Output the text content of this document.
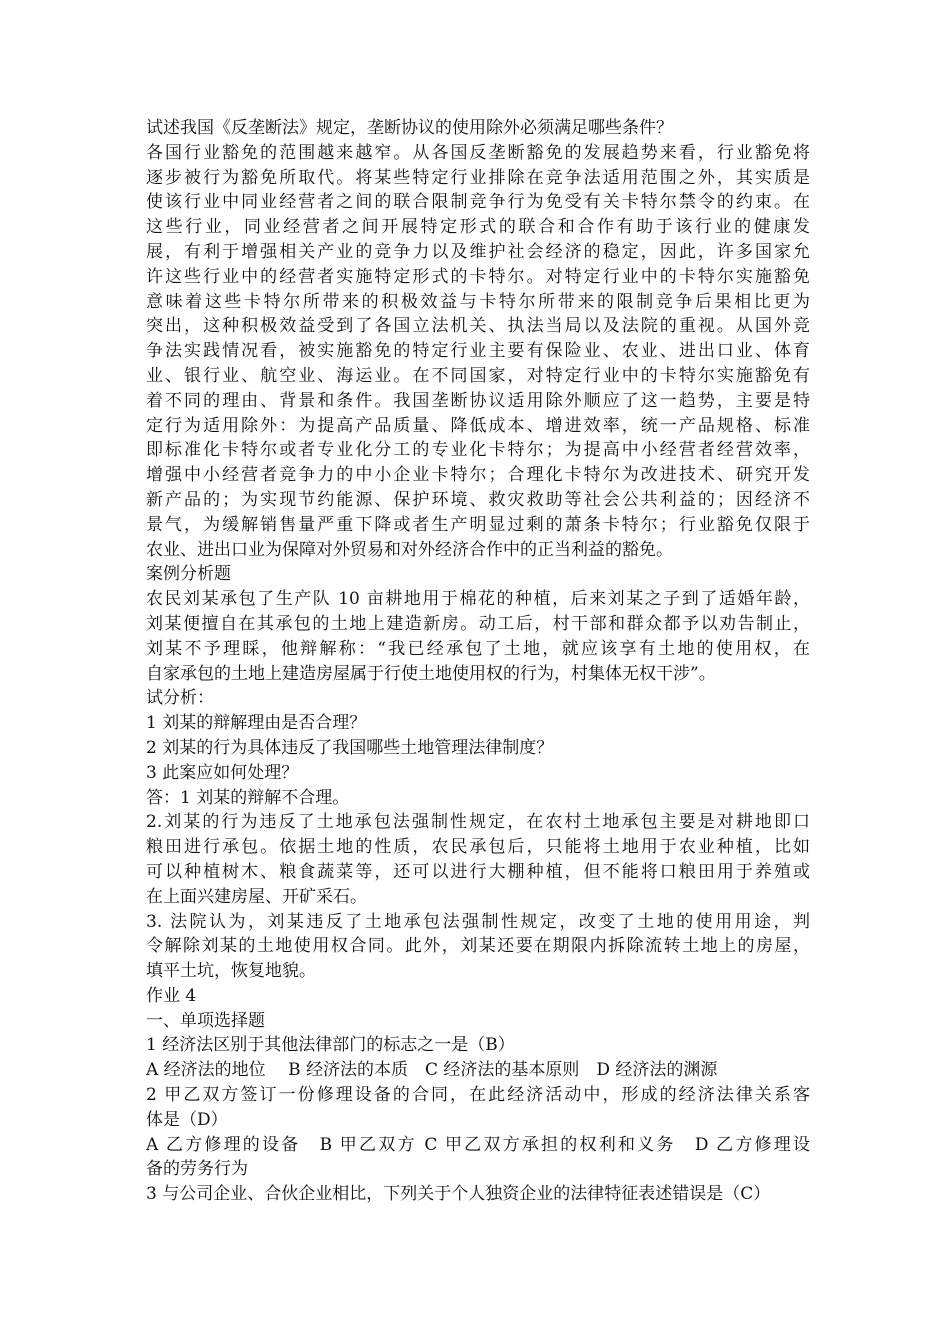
试述我国《反垄断法》规定，垄断协议的使用除外必须满足哪些条件？
各国行业豁免的范围越来越窄。从各国反垄断豁免的发展趋势来看，行业豁免将
逐步被行为豁免所取代。将某些特定行业排除在竞争法适用范围之外，其实质是
使该行业中同业经营者之间的联合限制竞争行为免受有关卡特尔禁令的约束。在
这些行业，同业经营者之间开展特定形式的联合和合作有助于该行业的健康发
展，有利于增强相关产业的竞争力以及维护社会经济的稳定，因此，许多国家允
许这些行业中的经营者实施特定形式的卡特尔。对特定行业中的卡特尔实施豁免
意味着这些卡特尔所带来的积极效益与卡特尔所带来的限制竞争后果相比更为
突出，这种积极效益受到了各国立法机关、执法当局以及法院的重视。从国外竞
争法实践情况看，被实施豁免的特定行业主要有保险业、农业、进出口业、体育
业、银行业、航空业、海运业。在不同国家，对特定行业中的卡特尔实施豁免有
着不同的理由、背景和条件。我国垄断协议适用除外顺应了这一趋势，主要是特
定行为适用除外：为提高产品质量、降低成本、增进效率，统一产品规格、标准
即标准化卡特尔或者专业化分工的专业化卡特尔；为提高中小经营者经营效率，
增强中小经营者竞争力的中小企业卡特尔；合理化卡特尔为改进技术、研究开发
新产品的；为实现节约能源、保护环境、救灾救助等社会公共利益的；因经济不
景气，为缓解销售量严重下降或者生产明显过剩的萧条卡特尔；行业豁免仅限于
农业、进出口业为保障对外贸易和对外经济合作中的正当利益的豁免。
案例分析题
农民刘某承包了生产队 10 亩耕地用于棉花的种植，后来刘某之子到了适婚年龄，
刘某便擅自在其承包的土地上建造新房。动工后，村干部和群众都予以劝告制止，
刘某不予理睬，他辩解称：“我已经承包了土地，就应该享有土地的使用权，在
自家承包的土地上建造房屋属于行使土地使用权的行为，村集体无权干涉”。
试分析：
1 刘某的辩解理由是否合理？
2 刘某的行为具体违反了我国哪些土地管理法律制度？
3 此案应如何处理？
答：1 刘某的辩解不合理。
2.刘某的行为违反了土地承包法强制性规定，在农村土地承包主要是对耕地即口
粮田进行承包。依据土地的性质，农民承包后，只能将土地用于农业种植，比如
可以种植树木、粮食蔬菜等，还可以进行大棚种植，但不能将口粮田用于养殖或
在上面兴建房屋、开矿采石。
3. 法院认为，刘某违反了土地承包法强制性规定，改变了土地的使用用途，判
令解除刘某的土地使用权合同。此外，刘某还要在期限内拆除流转土地上的房屋，
填平土坑，恢复地貌。
作业 4
一、单项选择题
1 经济法区别于其他法律部门的标志之一是（B）
A 经济法的地位　 B 经济法的本质　C 经济法的基本原则　D 经济法的渊源
2 甲乙双方签订一份修理设备的合同，在此经济活动中，形成的经济法律关系客
体是（D）
A 乙方修理的设备　B 甲乙双方 C 甲乙双方承担的权利和义务　D 乙方修理设
备的劳务行为
3 与公司企业、合伙企业相比，下列关于个人独资企业的法律特征表述错误是（C）
